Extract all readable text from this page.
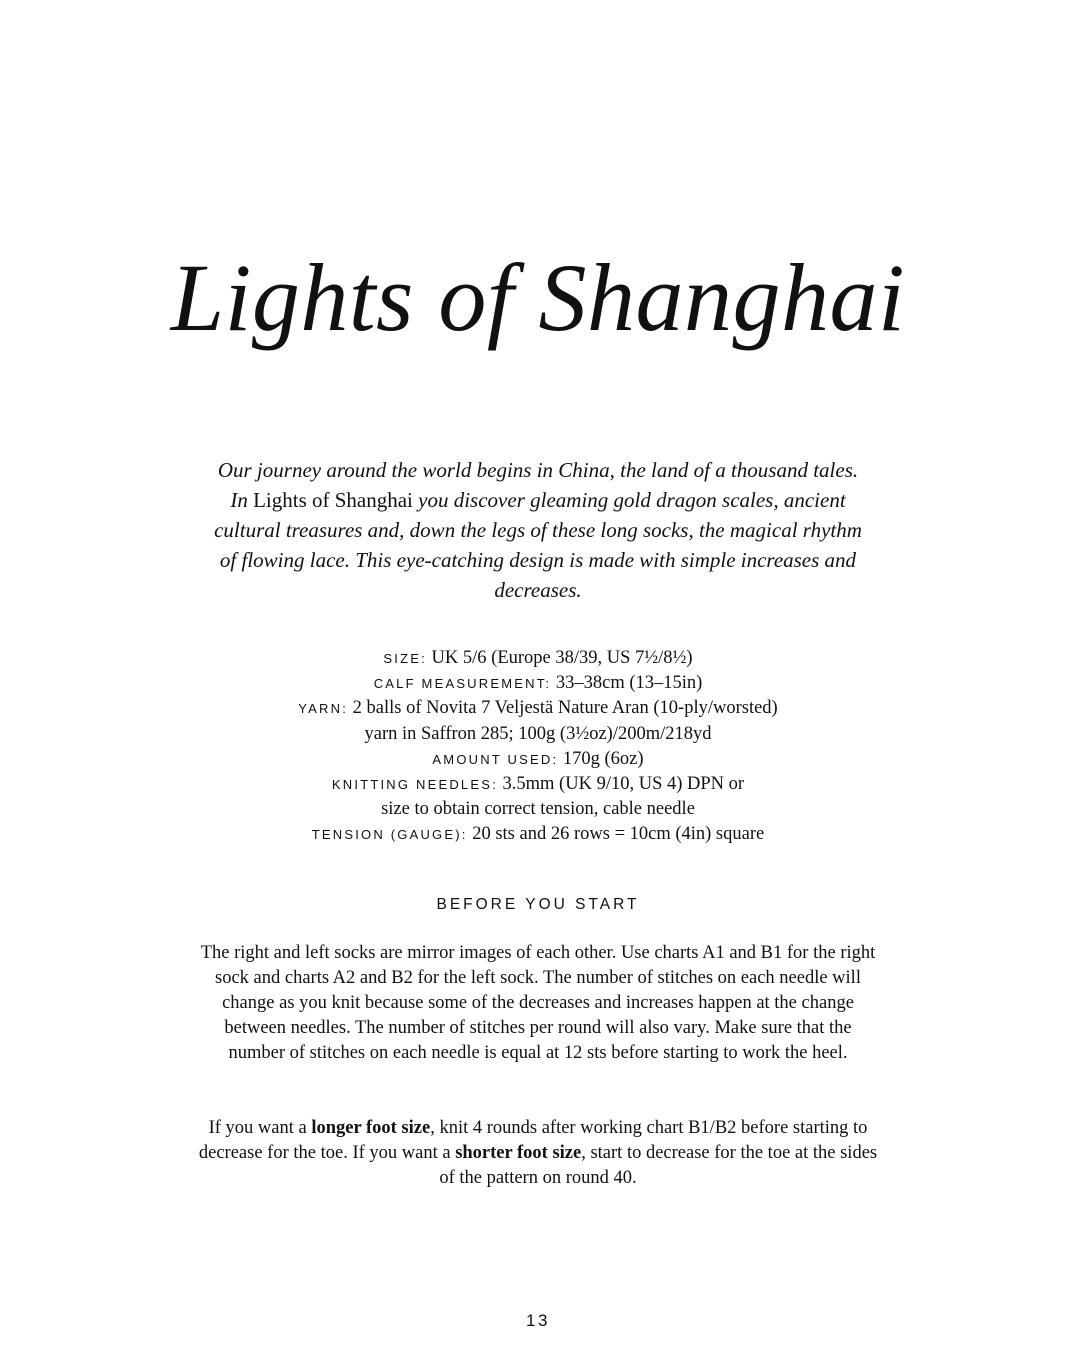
Lights of Shanghai

Our journey around the world begins in China, the land of a thousand tales. In Lights of Shanghai you discover gleaming gold dragon scales, ancient cultural treasures and, down the legs of these long socks, the magical rhythm of flowing lace. This eye-catching design is made with simple increases and decreases.

SIZE: UK 5/6 (Europe 38/39, US 7½/8½)
CALF MEASUREMENT: 33–38cm (13–15in)
YARN: 2 balls of Novita 7 Veljestä Nature Aran (10-ply/worsted)
yarn in Saffron 285; 100g (3½oz)/200m/218yd
AMOUNT USED: 170g (6oz)
KNITTING NEEDLES: 3.5mm (UK 9/10, US 4) DPN or
size to obtain correct tension, cable needle
TENSION (GAUGE): 20 sts and 26 rows = 10cm (4in) square
BEFORE YOU START

The right and left socks are mirror images of each other. Use charts A1 and B1 for the right sock and charts A2 and B2 for the left sock. The number of stitches on each needle will change as you knit because some of the decreases and increases happen at the change between needles. The number of stitches per round will also vary. Make sure that the number of stitches on each needle is equal at 12 sts before starting to work the heel.

If you want a longer foot size, knit 4 rounds after working chart B1/B2 before starting to decrease for the toe. If you want a shorter foot size, start to decrease for the toe at the sides of the pattern on round 40.

13
